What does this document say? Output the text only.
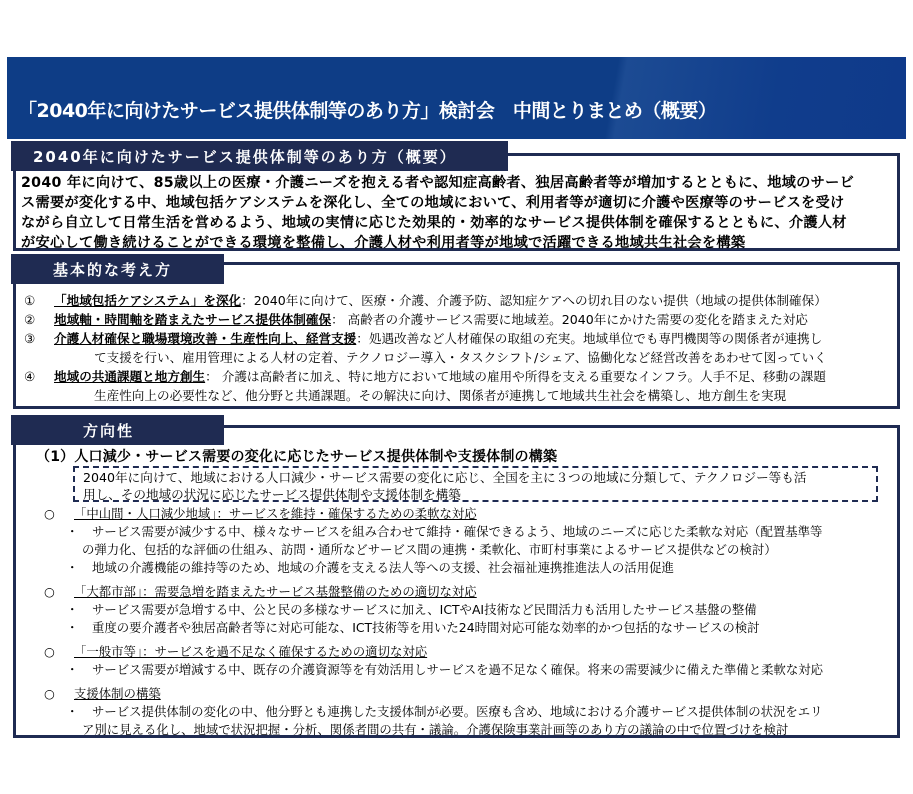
「2040年に向けたサービス提供体制等のあり方」検討会　中間とりまとめ（概要）
2040 年に向けて、85歳以上の医療・介護ニーズを抱える者や認知症高齢者、独居高齢者等が増加するとともに、地域のサービ
ス需要が変化する中、地域包括ケアシステムを深化し、全ての地域において、利用者等が適切に介護や医療等のサービスを受け
ながら自立して日常生活を営めるよう、地域の実情に応じた効果的・効率的なサービス提供体制を確保するとともに、介護人材
が安心して働き続けることができる環境を整備し、介護人材や利用者等が地域で活躍できる地域共生社会を構築
2040年に向けたサービス提供体制等のあり方（概要）
① 「地域包括ケアシステム」を深化：2040年に向けて、医療・介護、介護予防、認知症ケアへの切れ目のない提供（地域の提供体制確保）
② 地域軸・時間軸を踏まえたサービス提供体制確保： 高齢者の介護サービス需要に地域差。2040年にかけた需要の変化を踏まえた対応
③ 介護人材確保と職場環境改善・生産性向上、経営支援：処遇改善など人材確保の取組の充実。地域単位でも専門機関等の関係者が連携し
て支援を行い、雇用管理による人材の定着、テクノロジー導入・タスクシフト/シェア、協働化など経営改善をあわせて図っていく
④ 地域の共通課題と地方創生： 介護は高齢者に加え、特に地方において地域の雇用や所得を支える重要なインフラ。人手不足、移動の課題
生産性向上の必要性など、他分野と共通課題。その解決に向け、関係者が連携して地域共生社会を構築し、地方創生を実現
基本的な考え方
（1）人口減少・サービス需要の変化に応じたサービス提供体制や支援体制の構築
2040年に向けて、地域における人口減少・サービス需要の変化に応じ、全国を主に３つの地域に分類して、テクノロジー等も活
用し、その地域の状況に応じたサービス提供体制や支援体制を構築
○ 「中山間・人口減少地域」：サービスを維持・確保するための柔軟な対応
・ サービス需要が減少する中、様々なサービスを組み合わせて維持・確保できるよう、地域のニーズに応じた柔軟な対応（配置基準等
の弾力化、包括的な評価の仕組み、訪問・通所などサービス間の連携・柔軟化、市町村事業によるサービス提供などの検討）
・ 地域の介護機能の維持等のため、地域の介護を支える法人等への支援、社会福祉連携推進法人の活用促進
○ 「大都市部」：需要急増を踏まえたサービス基盤整備のための適切な対応
・ サービス需要が急増する中、公と民の多様なサービスに加え、ICTやAI技術など民間活力も活用したサービス基盤の整備
・ 重度の要介護者や独居高齢者等に対応可能な、ICT技術等を用いた24時間対応可能な効率的かつ包括的なサービスの検討
○ 「一般市等」：サービスを過不足なく確保するための適切な対応
・ サービス需要が増減する中、既存の介護資源等を有効活用しサービスを過不足なく確保。将来の需要減少に備えた準備と柔軟な対応
○ 支援体制の構築
・ サービス提供体制の変化の中、他分野とも連携した支援体制が必要。医療も含め、地域における介護サービス提供体制の状況をエリ
ア別に見える化し、地域で状況把握・分析、関係者間の共有・議論。介護保険事業計画等のあり方の議論の中で位置づけを検討
方向性
